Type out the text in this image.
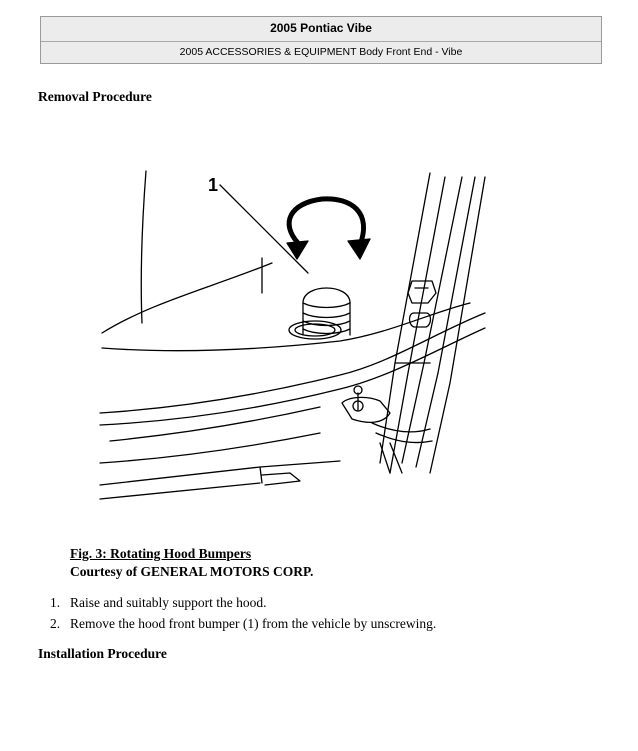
2005 Pontiac Vibe
2005 ACCESSORIES & EQUIPMENT Body Front End - Vibe
Removal Procedure
1
Fig. 3: Rotating Hood Bumpers
Courtesy of GENERAL MOTORS CORP.
1. Raise and suitably support the hood.
2. Remove the hood front bumper (1) from the vehicle by unscrewing.
Installation Procedure
